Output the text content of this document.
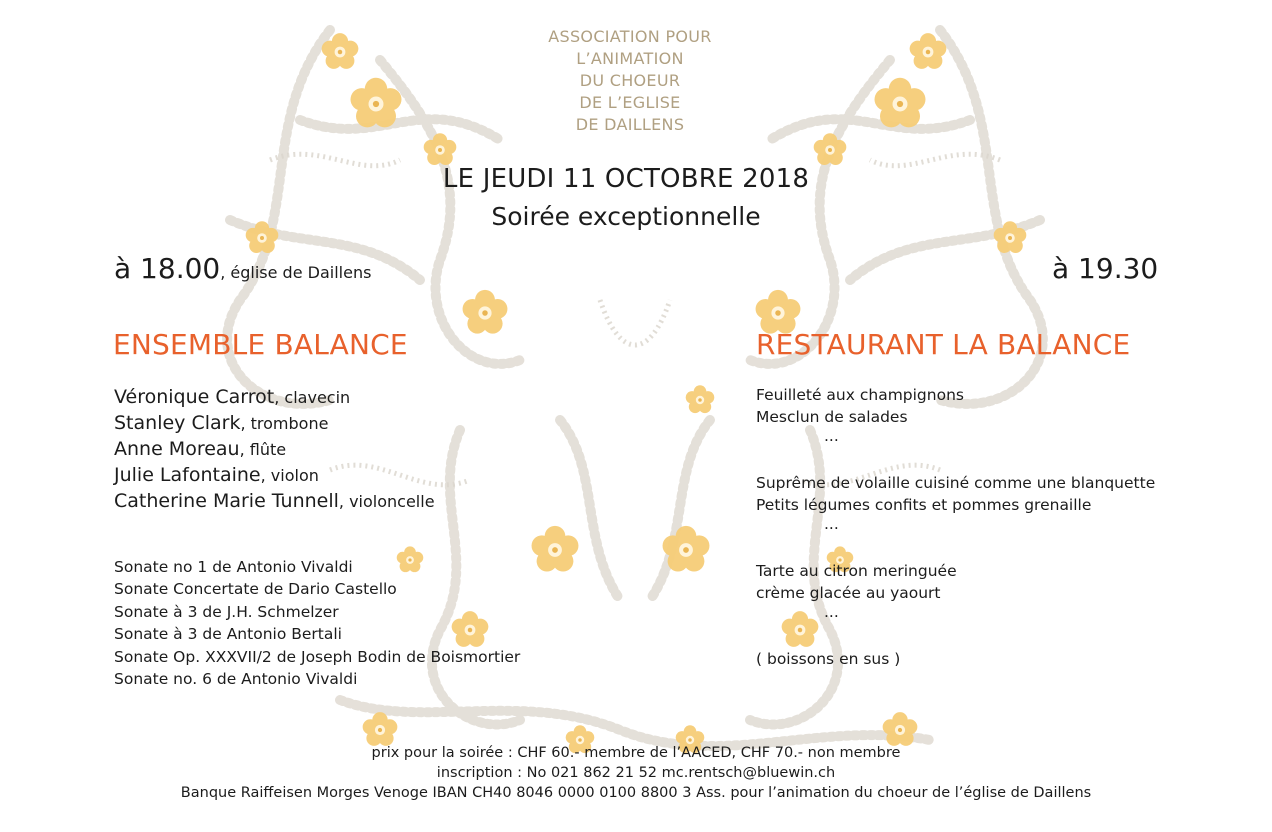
ASSOCIATION POUR
L’ANIMATION
DU CHOEUR
DE L’EGLISE
DE DAILLENS
LE JEUDI 11 OCTOBRE 2018
Soirée exceptionnelle
à 18.00, église de Daillens	à 19.30
ENSEMBLE BALANCE	RESTAURANT LA BALANCE
Véronique Carrot, clavecin
Stanley Clark, trombone
Anne Moreau, flûte
Julie Lafontaine, violon
Catherine Marie Tunnell, violoncelle
Sonate no 1 de Antonio Vivaldi
Sonate Concertate de Dario Castello
Sonate à 3 de J.H. Schmelzer
Sonate à 3 de Antonio Bertali
Sonate Op. XXXVII/2 de Joseph Bodin de Boismortier
Sonate no. 6 de Antonio Vivaldi
Feuilleté aux champignons
Mesclun de salades
...
Suprême de volaille cuisiné comme une blanquette
Petits légumes confits et pommes grenaille
...
Tarte au citron meringuée
crème glacée au yaourt
...
( boissons en sus )
prix pour la soirée : CHF 60.- membre de l’AACED, CHF 70.- non membre
inscription : No 021 862 21 52 mc.rentsch@bluewin.ch
Banque Raiffeisen Morges Venoge IBAN CH40 8046 0000 0100 8800 3 Ass. pour l’animation du choeur de l’église de Daillens
